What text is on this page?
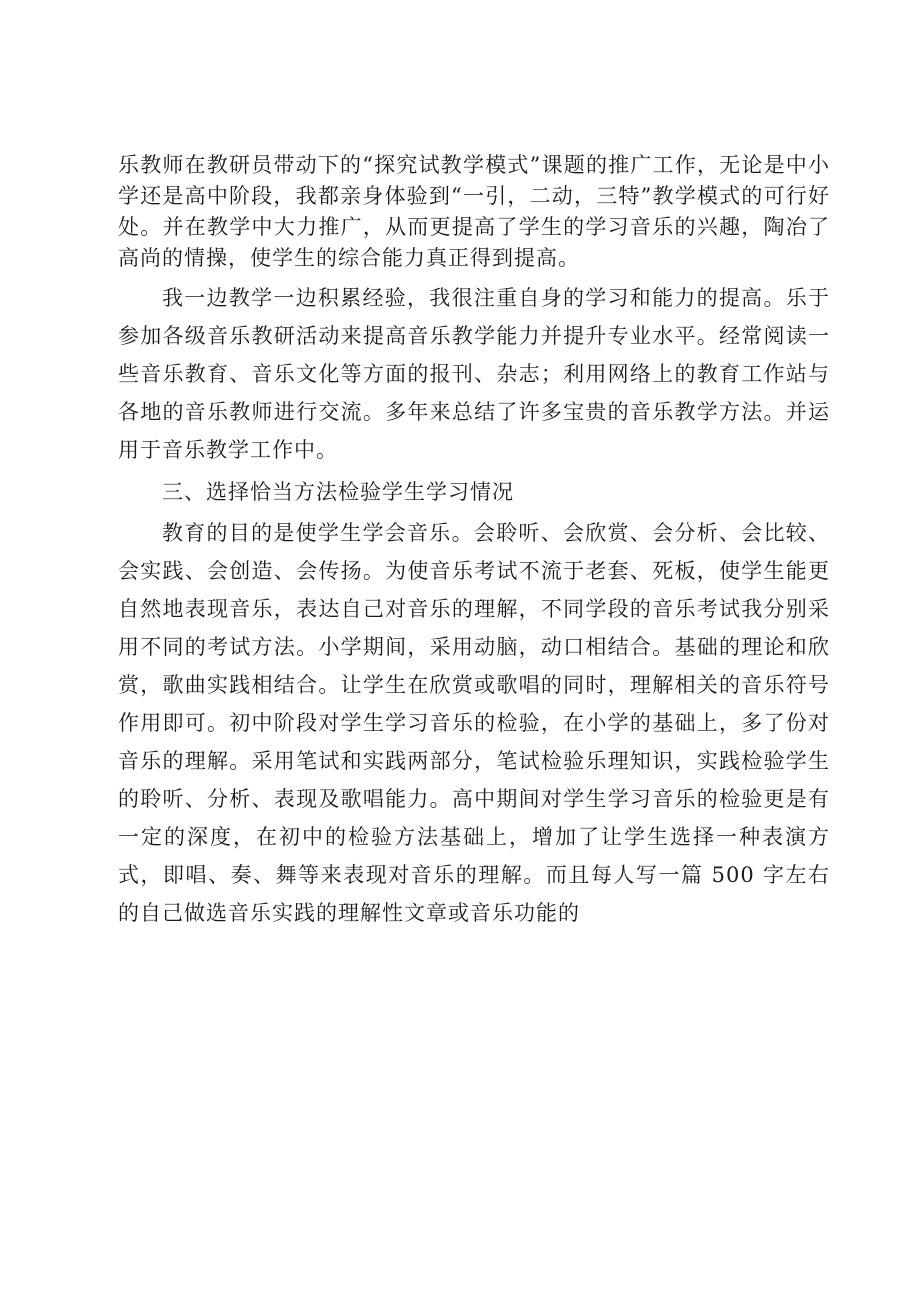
乐教师在教研员带动下的“探究试教学模式”课题的推广工作，无论是中小学还是高中阶段，我都亲身体验到“一引，二动，三特”教学模式的可行好处。并在教学中大力推广，从而更提高了学生的学习音乐的兴趣，陶冶了高尚的情操，使学生的综合能力真正得到提高。

我一边教学一边积累经验，我很注重自身的学习和能力的提高。乐于参加各级音乐教研活动来提高音乐教学能力并提升专业水平。经常阅读一些音乐教育、音乐文化等方面的报刊、杂志；利用网络上的教育工作站与各地的音乐教师进行交流。多年来总结了许多宝贵的音乐教学方法。并运用于音乐教学工作中。

三、选择恰当方法检验学生学习情况

教育的目的是使学生学会音乐。会聆听、会欣赏、会分析、会比较、会实践、会创造、会传扬。为使音乐考试不流于老套、死板，使学生能更自然地表现音乐，表达自己对音乐的理解，不同学段的音乐考试我分别采用不同的考试方法。小学期间，采用动脑，动口相结合。基础的理论和欣赏，歌曲实践相结合。让学生在欣赏或歌唱的同时，理解相关的音乐符号作用即可。初中阶段对学生学习音乐的检验，在小学的基础上，多了份对音乐的理解。采用笔试和实践两部分，笔试检验乐理知识，实践检验学生的聆听、分析、表现及歌唱能力。高中期间对学生学习音乐的检验更是有一定的深度，在初中的检验方法基础上，增加了让学生选择一种表演方式，即唱、奏、舞等来表现对音乐的理解。而且每人写一篇 500 字左右的自己做选音乐实践的理解性文章或音乐功能的
